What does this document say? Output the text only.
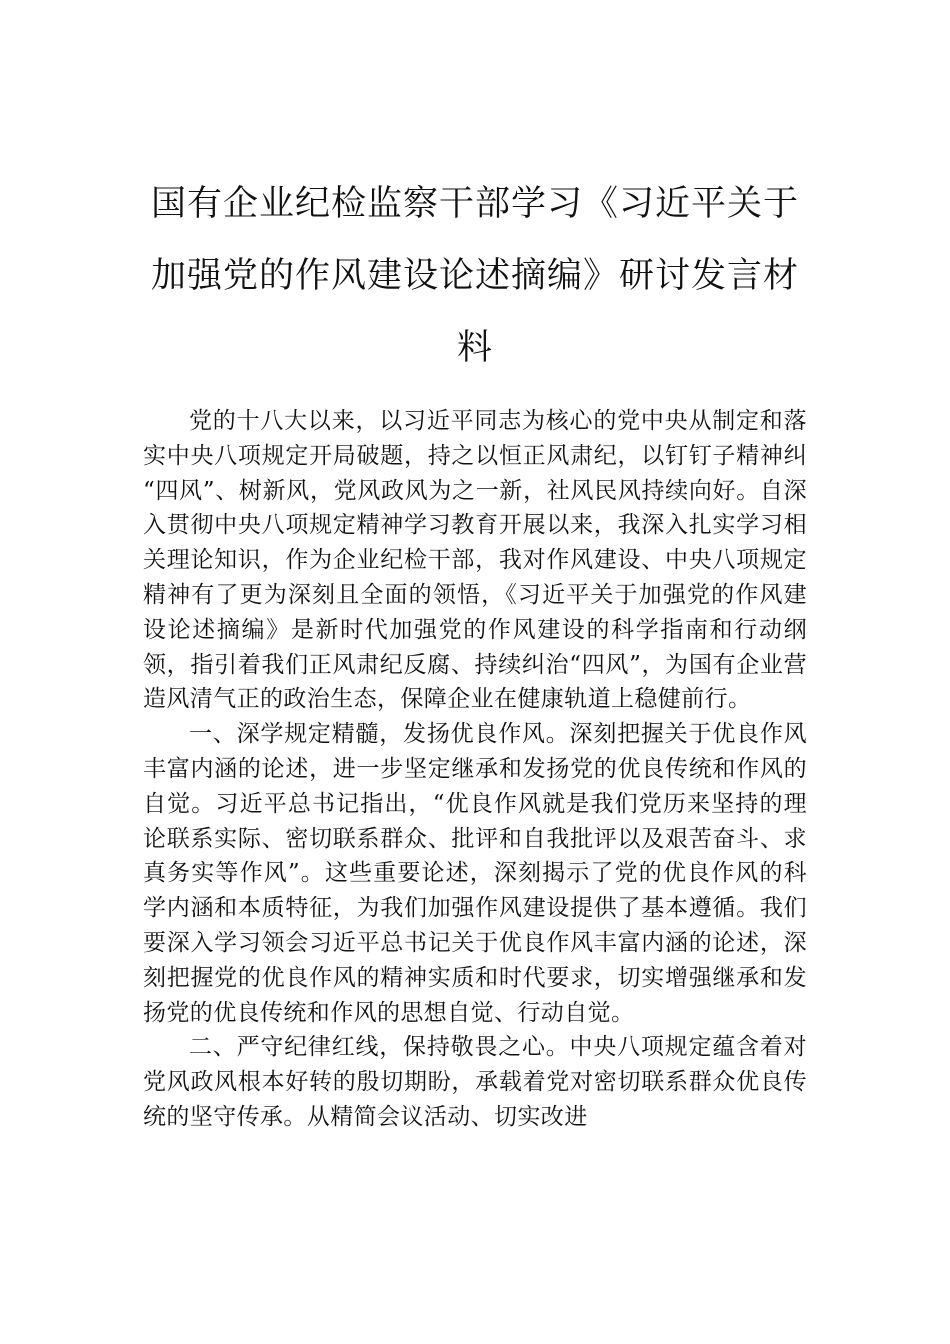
国有企业纪检监察干部学习《习近平关于加强党的作风建设论述摘编》研讨发言材料

党的十八大以来，以习近平同志为核心的党中央从制定和落实中央八项规定开局破题，持之以恒正风肃纪，以钉钉子精神纠 “四风”、树新风，党风政风为之一新，社风民风持续向好。自深入贯彻中央八项规定精神学习教育开展以来，我深入扎实学习相关理论知识，作为企业纪检干部，我对作风建设、中央八项规定精神有了更为深刻且全面的领悟，《习近平关于加强党的作风建设论述摘编》是新时代加强党的作风建设的科学指南和行动纲领，指引着我们正风肃纪反腐、持续纠治“四风”，为国有企业营造风清气正的政治生态，保障企业在健康轨道上稳健前行。

一、深学规定精髓，发扬优良作风。深刻把握关于优良作风丰富内涵的论述，进一步坚定继承和发扬党的优良传统和作风的自觉。习近平总书记指出，“优良作风就是我们党历来坚持的理论联系实际、密切联系群众、批评和自我批评以及艰苦奋斗、求真务实等作风”。这些重要论述，深刻揭示了党的优良作风的科学内涵和本质特征，为我们加强作风建设提供了基本遵循。我们要深入学习领会习近平总书记关于优良作风丰富内涵的论述，深刻把握党的优良作风的精神实质和时代要求，切实增强继承和发扬党的优良传统和作风的思想自觉、行动自觉。

二、严守纪律红线，保持敬畏之心。中央八项规定蕴含着对党风政风根本好转的殷切期盼，承载着党对密切联系群众优良传统的坚守传承。从精简会议活动、切实改进
